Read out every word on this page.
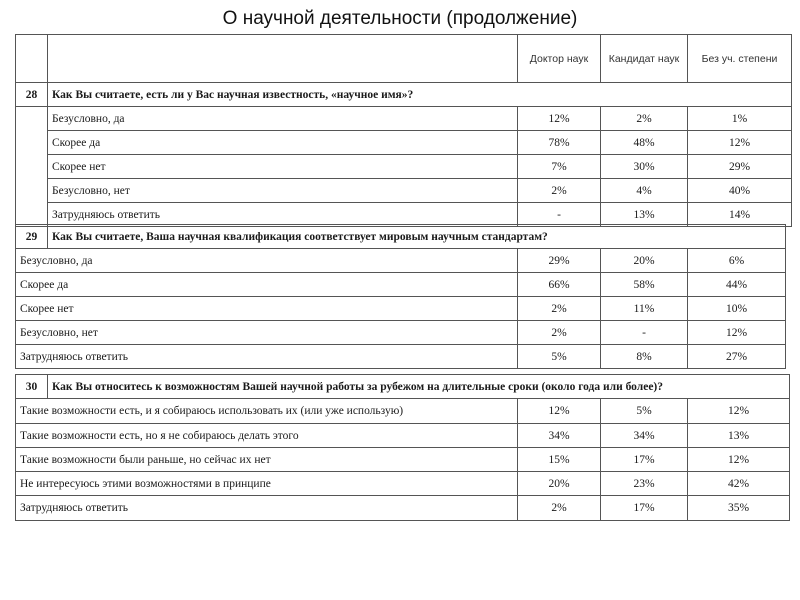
О научной деятельности (продолжение)
		Доктор наук	Кандидат наук	Без уч. степени
28	Как Вы считаете, есть ли у Вас научная известность, «научное имя»?			
	Безусловно, да	12%	2%	1%
	Скорее да	78%	48%	12%
	Скорее нет	7%	30%	29%
	Безусловно, нет	2%	4%	40%
	Затрудняюсь ответить	-	13%	14%
29	Как Вы считаете, Ваша научная квалификация соответствует мировым научным стандартам?			
Безусловно, да		29%	20%	6%
Скорее да		66%	58%	44%
Скорее нет		2%	11%	10%
Безусловно, нет		2%	-	12%
Затрудняюсь ответить		5%	8%	27%
30	Как Вы относитесь к возможностям Вашей научной работы за рубежом на длительные сроки (около года или более)?			
Такие возможности есть, и я собираюсь использовать их (или уже использую)		12%	5%	12%
Такие возможности есть, но я не собираюсь делать этого		34%	34%	13%
Такие возможности были раньше, но сейчас их нет		15%	17%	12%
Не интересуюсь этими возможностями в принципе		20%	23%	42%
Затрудняюсь ответить		2%	17%	35%
